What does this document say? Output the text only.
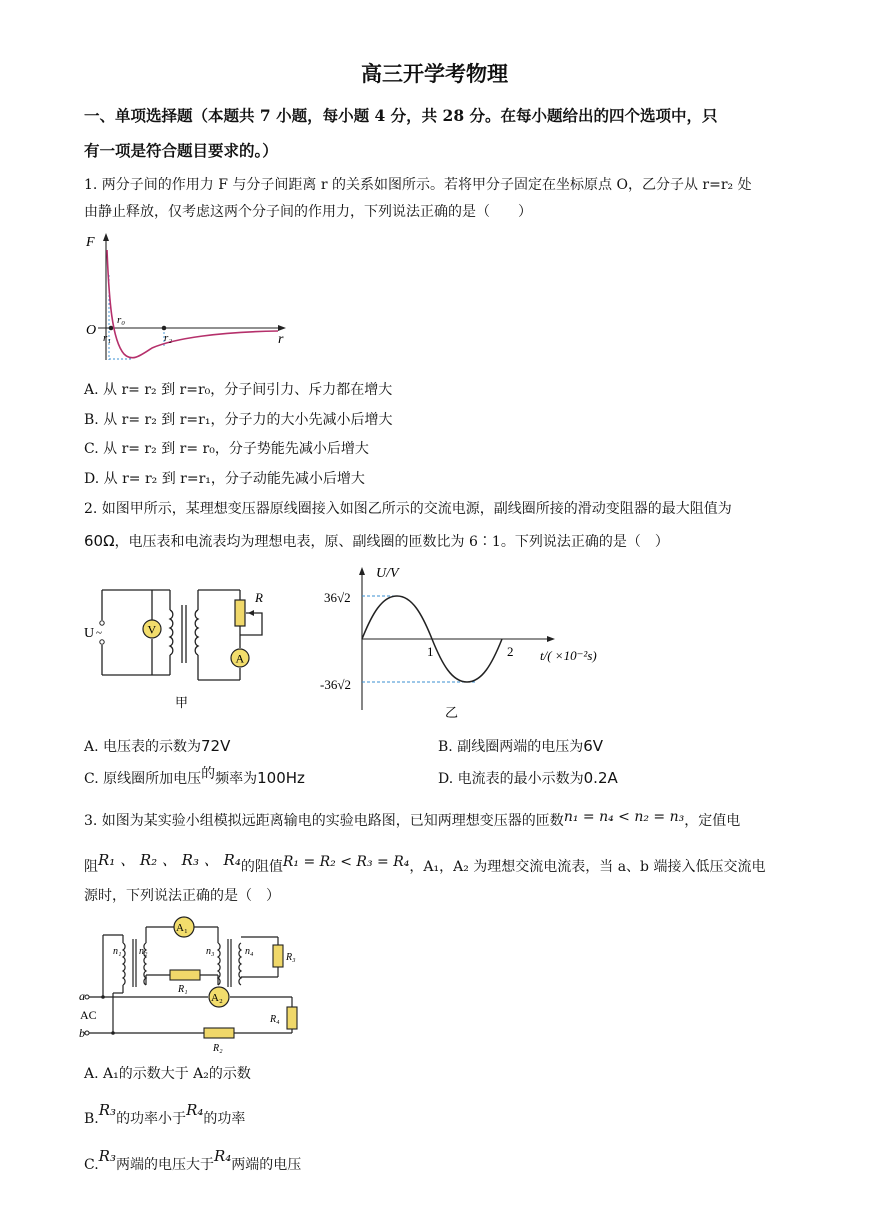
高三开学考物理
一、单项选择题（本题共 7 小题，每小题 4 分，共 28 分。在每小题给出的四个选项中，只
有一项是符合题目要求的。）
1. 两分子间的作用力 F 与分子间距离 r 的关系如图所示。若将甲分子固定在坐标原点 O，乙分子从 r=r₂ 处
由静止释放，仅考虑这两个分子间的作用力，下列说法正确的是（　　）
F
r
O
r₀
r₁	r₂
A. 从 r= r₂ 到 r=r₀，分子间引力、斥力都在增大
B. 从 r= r₂ 到 r=r₁，分子力的大小先减小后增大
C. 从 r= r₂ 到 r= r₀，分子势能先减小后增大
D. 从 r= r₂ 到 r=r₁，分子动能先减小后增大
2. 如图甲所示，某理想变压器原线圈接入如图乙所示的交流电源，副线圈所接的滑动变阻器的最大阻值为
60Ω，电压表和电流表均为理想电表，原、副线圈的匝数比为 6∶1。下列说法正确的是（　）
V
A
U ~
R
甲
U/V
t/( ×10⁻²s)
36√2
-36√2
1	2
乙
A. 电压表的示数为72V	B. 副线圈两端的电压为6V
C. 原线圈所加电压的频率为100Hz	D. 电流表的最小示数为0.2A
3. 如图为某实验小组模拟远距离输电的实验电路图，已知两理想变压器的匝数n₁ = n₄ < n₂ = n₃，定值电
阻R₁ 、 R₂ 、 R₃ 、 R₄的阻值R₁ = R₂ < R₃ = R₄，A₁，A₂ 为理想交流电流表，当 a、b 端接入低压交流电
源时，下列说法正确的是（　）
A₁
A₂
n₁ n₂	n₃	n₄
R₃
R₁
R₄
R₂
a
b
AC
A. A₁的示数大于 A₂的示数
B.R₃的功率小于R₄的功率
C.R₃两端的电压大于R₄两端的电压
